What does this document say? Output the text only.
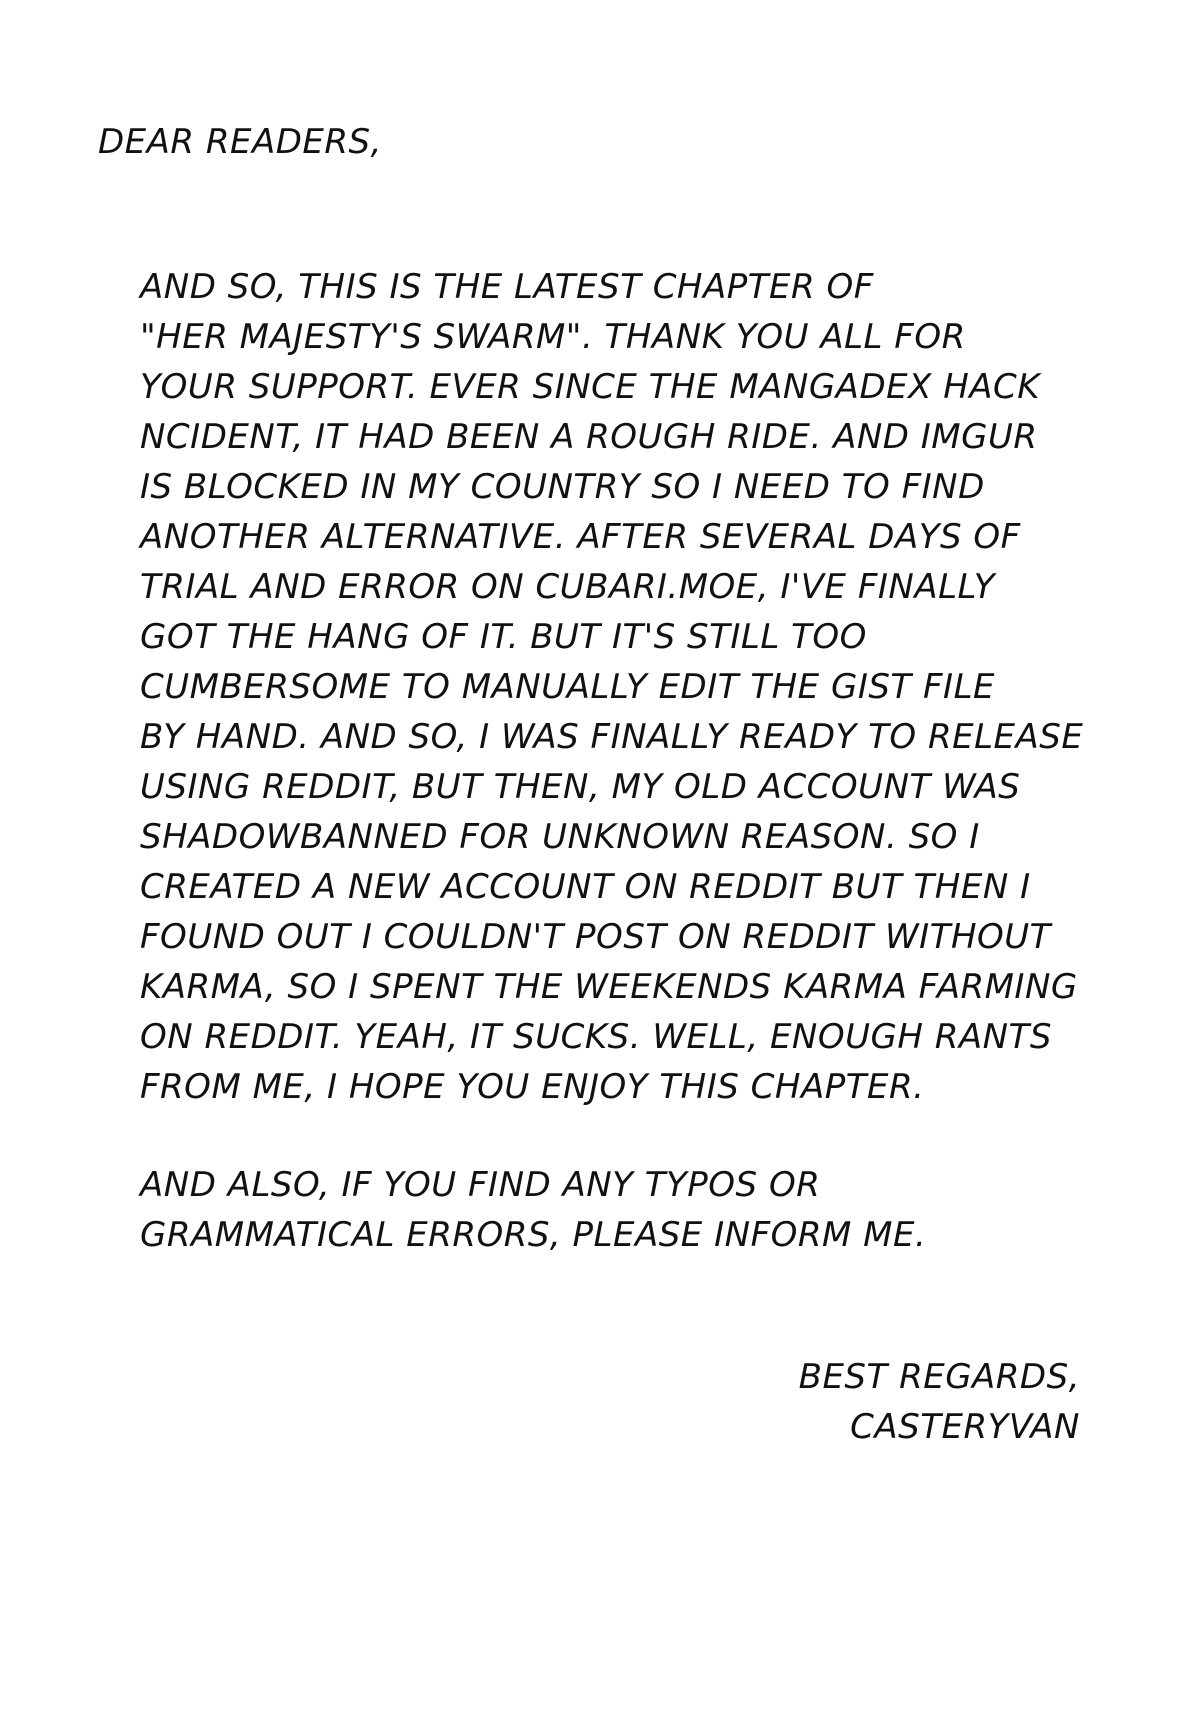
DEAR READERS,
AND SO, THIS IS THE LATEST CHAPTER OF
"HER MAJESTY'S SWARM". THANK YOU ALL FOR
YOUR SUPPORT. EVER SINCE THE MANGADEX HACK
NCIDENT, IT HAD BEEN A ROUGH RIDE. AND IMGUR
IS BLOCKED IN MY COUNTRY SO I NEED TO FIND
ANOTHER ALTERNATIVE. AFTER SEVERAL DAYS OF
TRIAL AND ERROR ON CUBARI.MOE, I'VE FINALLY
GOT THE HANG OF IT. BUT IT'S STILL TOO
CUMBERSOME TO MANUALLY EDIT THE GIST FILE
BY HAND. AND SO, I WAS FINALLY READY TO RELEASE
USING REDDIT, BUT THEN, MY OLD ACCOUNT WAS
SHADOWBANNED FOR UNKNOWN REASON. SO I
CREATED A NEW ACCOUNT ON REDDIT BUT THEN I
FOUND OUT I COULDN'T POST ON REDDIT WITHOUT
KARMA, SO I SPENT THE WEEKENDS KARMA FARMING
ON REDDIT. YEAH, IT SUCKS. WELL, ENOUGH RANTS
FROM ME, I HOPE YOU ENJOY THIS CHAPTER.
AND ALSO, IF YOU FIND ANY TYPOS OR
GRAMMATICAL ERRORS, PLEASE INFORM ME.
BEST REGARDS,
CASTERYVAN
